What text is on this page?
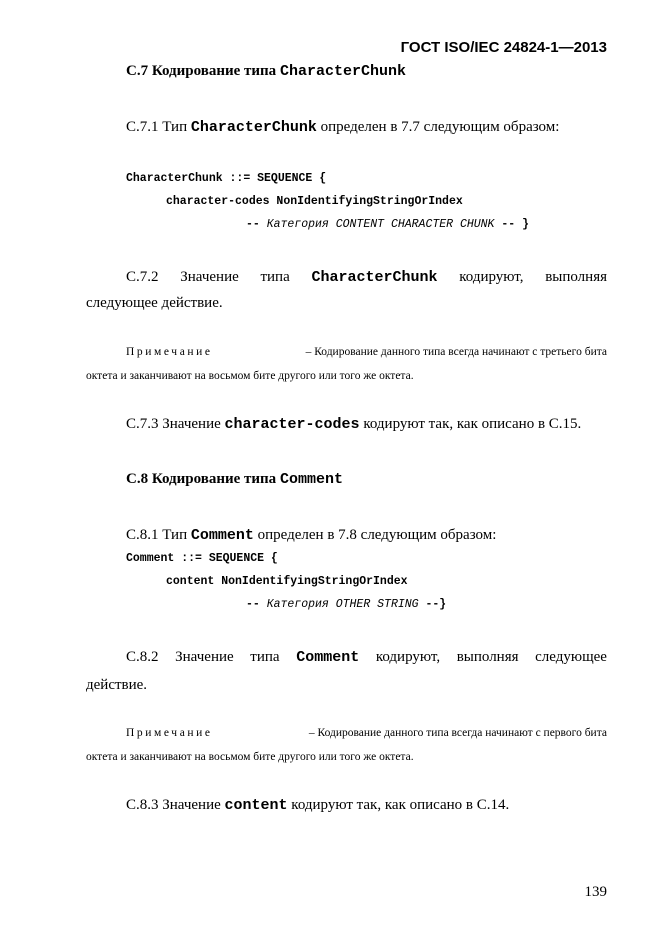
ГОСТ ISO/IEC 24824-1—2013
С.7 Кодирование типа CharacterChunk
С.7.1 Тип CharacterChunk определен в 7.7 следующим образом:
CharacterChunk ::= SEQUENCE {
character-codes NonIdentifyingStringOrIndex
-- Категория CONTENT CHARACTER CHUNK -- }
С.7.2 Значение типа CharacterChunk кодируют, выполняя
следующее действие.
Примечание	– Кодирование данного типа всегда начинают с третьего бита
октета и заканчивают на восьмом бите другого или того же октета.
С.7.3 Значение character-codes кодируют так, как описано в С.15.
С.8 Кодирование типа Comment
С.8.1 Тип Comment определен в 7.8 следующим образом:
Comment ::= SEQUENCE {
content NonIdentifyingStringOrIndex
-- Категория OTHER STRING --}
С.8.2 Значение типа Comment кодируют, выполняя следующее
действие.
Примечание	– Кодирование данного типа всегда начинают с первого бита
октета и заканчивают на восьмом бите другого или того же октета.
С.8.3 Значение content кодируют так, как описано в С.14.
139
